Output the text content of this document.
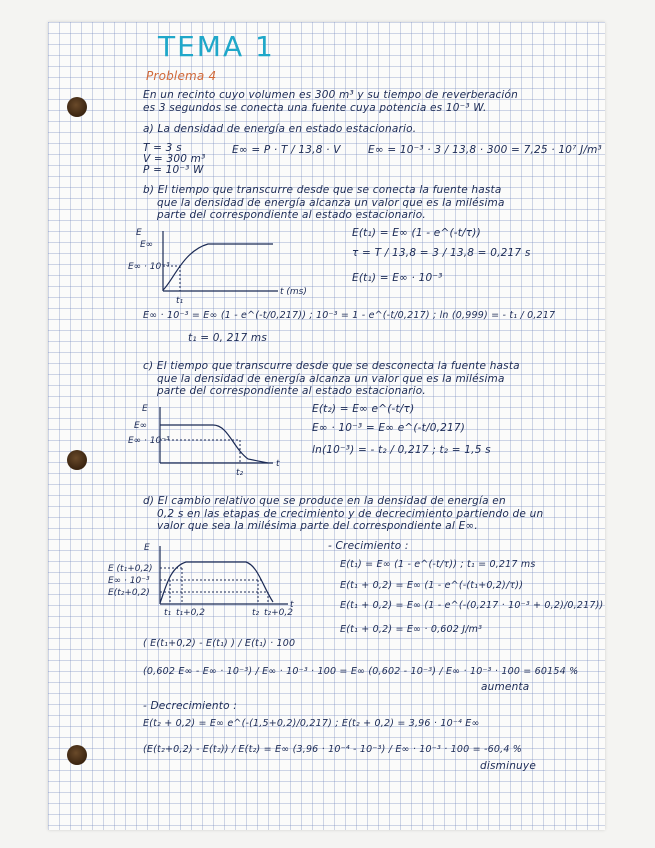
TEMA 1
Problema 4
En un recinto cuyo volumen es 300 m³ y su tiempo de reverberación
es 3 segundos se conecta una fuente cuya potencia es 10⁻³ W.
a) La densidad de energía en estado estacionario.
T = 3 s
V = 300 m³
P = 10⁻³ W
E∞ = P · T / 13,8 · V	E∞ = 10⁻³ · 3 / 13,8 · 300 = 7,25 · 10⁷ J/m³
b) El tiempo que transcurre desde que se conecta la fuente hasta
que la densidad de energía alcanza un valor que es la milésima
parte del correspondiente al estado estacionario.
E
E∞
E∞ · 10⁻³
t (ms)
t₁
E(t₁) = E∞ (1 - e^(-t/τ))
τ = T / 13,8 = 3 / 13,8 = 0,217 s
E(t₁) = E∞ · 10⁻³
E∞ · 10⁻³ = E∞ (1 - e^(-t/0,217)) ; 10⁻³ = 1 - e^(-t/0,217) ; ln (0,999) = - t₁ / 0,217
t₁ = 0, 217 ms
c) El tiempo que transcurre desde que se desconecta la fuente hasta
que la densidad de energía alcanza un valor que es la milésima
parte del correspondiente al estado estacionario.
E
E∞
E∞ · 10⁻³
t
t₂
E(t₂) = E∞ e^(-t/τ)
E∞ · 10⁻³ = E∞ e^(-t/0,217)
ln(10⁻³) = - t₂ / 0,217 ; t₂ = 1,5 s
d) El cambio relativo que se produce en la densidad de energía en
0,2 s en las etapas de crecimiento y de decrecimiento partiendo de un
valor que sea la milésima parte del correspondiente al E∞.
E
E (t₁+0,2)
E∞ · 10⁻³
E(t₂+0,2)
t
t₁ t₁+0,2	t₂ t₂+0,2
- Crecimiento :
E(t₁) = E∞ (1 - e^(-t/τ)) ; t₁ = 0,217 ms
E(t₁ + 0,2) = E∞ (1 - e^(-(t₁+0,2)/τ))
E(t₁ + 0,2) = E∞ (1 - e^(-(0,217 · 10⁻³ + 0,2)/0,217))
E(t₁ + 0,2) = E∞ · 0,602 J/m³
( E(t₁+0,2) - E(t₁) ) / E(t₁) · 100
(0,602 E∞ - E∞ · 10⁻³) / E∞ · 10⁻³ · 100 = E∞ (0,602 - 10⁻³) / E∞ · 10⁻³ · 100 = 60154 %
aumenta
- Decrecimiento :
E(t₂ + 0,2) = E∞ e^(-(1,5+0,2)/0,217) ; E(t₂ + 0,2) = 3,96 · 10⁻⁴ E∞
(E(t₂+0,2) - E(t₂)) / E(t₂) = E∞ (3,96 · 10⁻⁴ - 10⁻³) / E∞ · 10⁻³ · 100 = -60,4 %
disminuye
